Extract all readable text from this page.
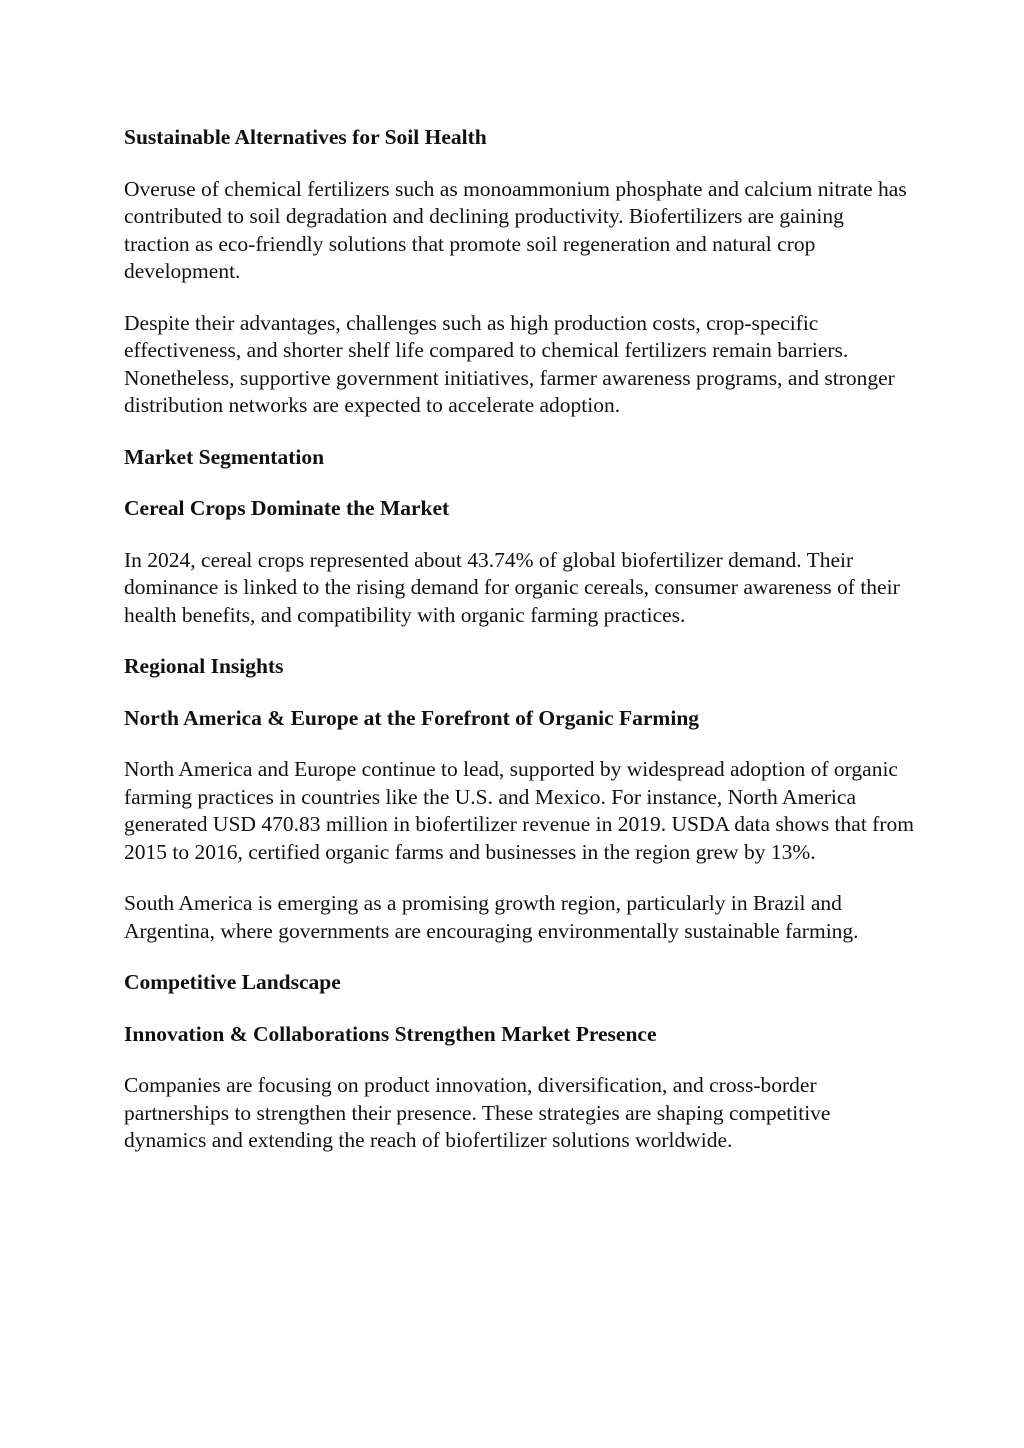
Sustainable Alternatives for Soil Health

Overuse of chemical fertilizers such as monoammonium phosphate and calcium nitrate has contributed to soil degradation and declining productivity. Biofertilizers are gaining traction as eco-friendly solutions that promote soil regeneration and natural crop development.

Despite their advantages, challenges such as high production costs, crop-specific effectiveness, and shorter shelf life compared to chemical fertilizers remain barriers. Nonetheless, supportive government initiatives, farmer awareness programs, and stronger distribution networks are expected to accelerate adoption.

Market Segmentation

Cereal Crops Dominate the Market

In 2024, cereal crops represented about 43.74% of global biofertilizer demand. Their dominance is linked to the rising demand for organic cereals, consumer awareness of their health benefits, and compatibility with organic farming practices.

Regional Insights

North America & Europe at the Forefront of Organic Farming

North America and Europe continue to lead, supported by widespread adoption of organic farming practices in countries like the U.S. and Mexico. For instance, North America generated USD 470.83 million in biofertilizer revenue in 2019. USDA data shows that from 2015 to 2016, certified organic farms and businesses in the region grew by 13%.

South America is emerging as a promising growth region, particularly in Brazil and Argentina, where governments are encouraging environmentally sustainable farming.

Competitive Landscape

Innovation & Collaborations Strengthen Market Presence

Companies are focusing on product innovation, diversification, and cross-border partnerships to strengthen their presence. These strategies are shaping competitive dynamics and extending the reach of biofertilizer solutions worldwide.
